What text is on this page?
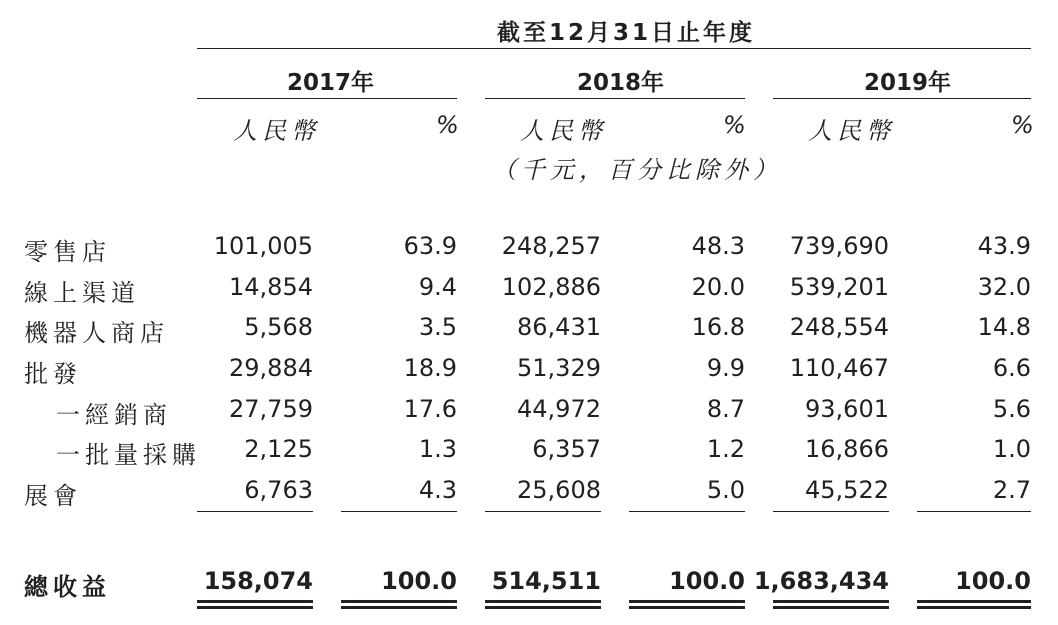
截至12月31日止年度
2017年	2018年	2019年
人民幣	% 人民幣	% 人民幣	%
（千元，百分比除外）
零售店	101,005	63.9 248,257	48.3 739,690	43.9
線上渠道	14,854	9.4 102,886	20.0 539,201	32.0
機器人商店	5,568	3.5	86,431	16.8 248,554	14.8
批發	29,884	18.9	51,329	9.9 110,467	6.6
一經銷商 27,759	17.6	44,972	8.7	93,601	5.6
一批量採購 2,125	1.3	6,357	1.2	16,866	1.0
展會	6,763	4.3	25,608	5.0	45,522	2.7
總收益	158,074	100.0 514,511	100.0 1,683,434	100.0
